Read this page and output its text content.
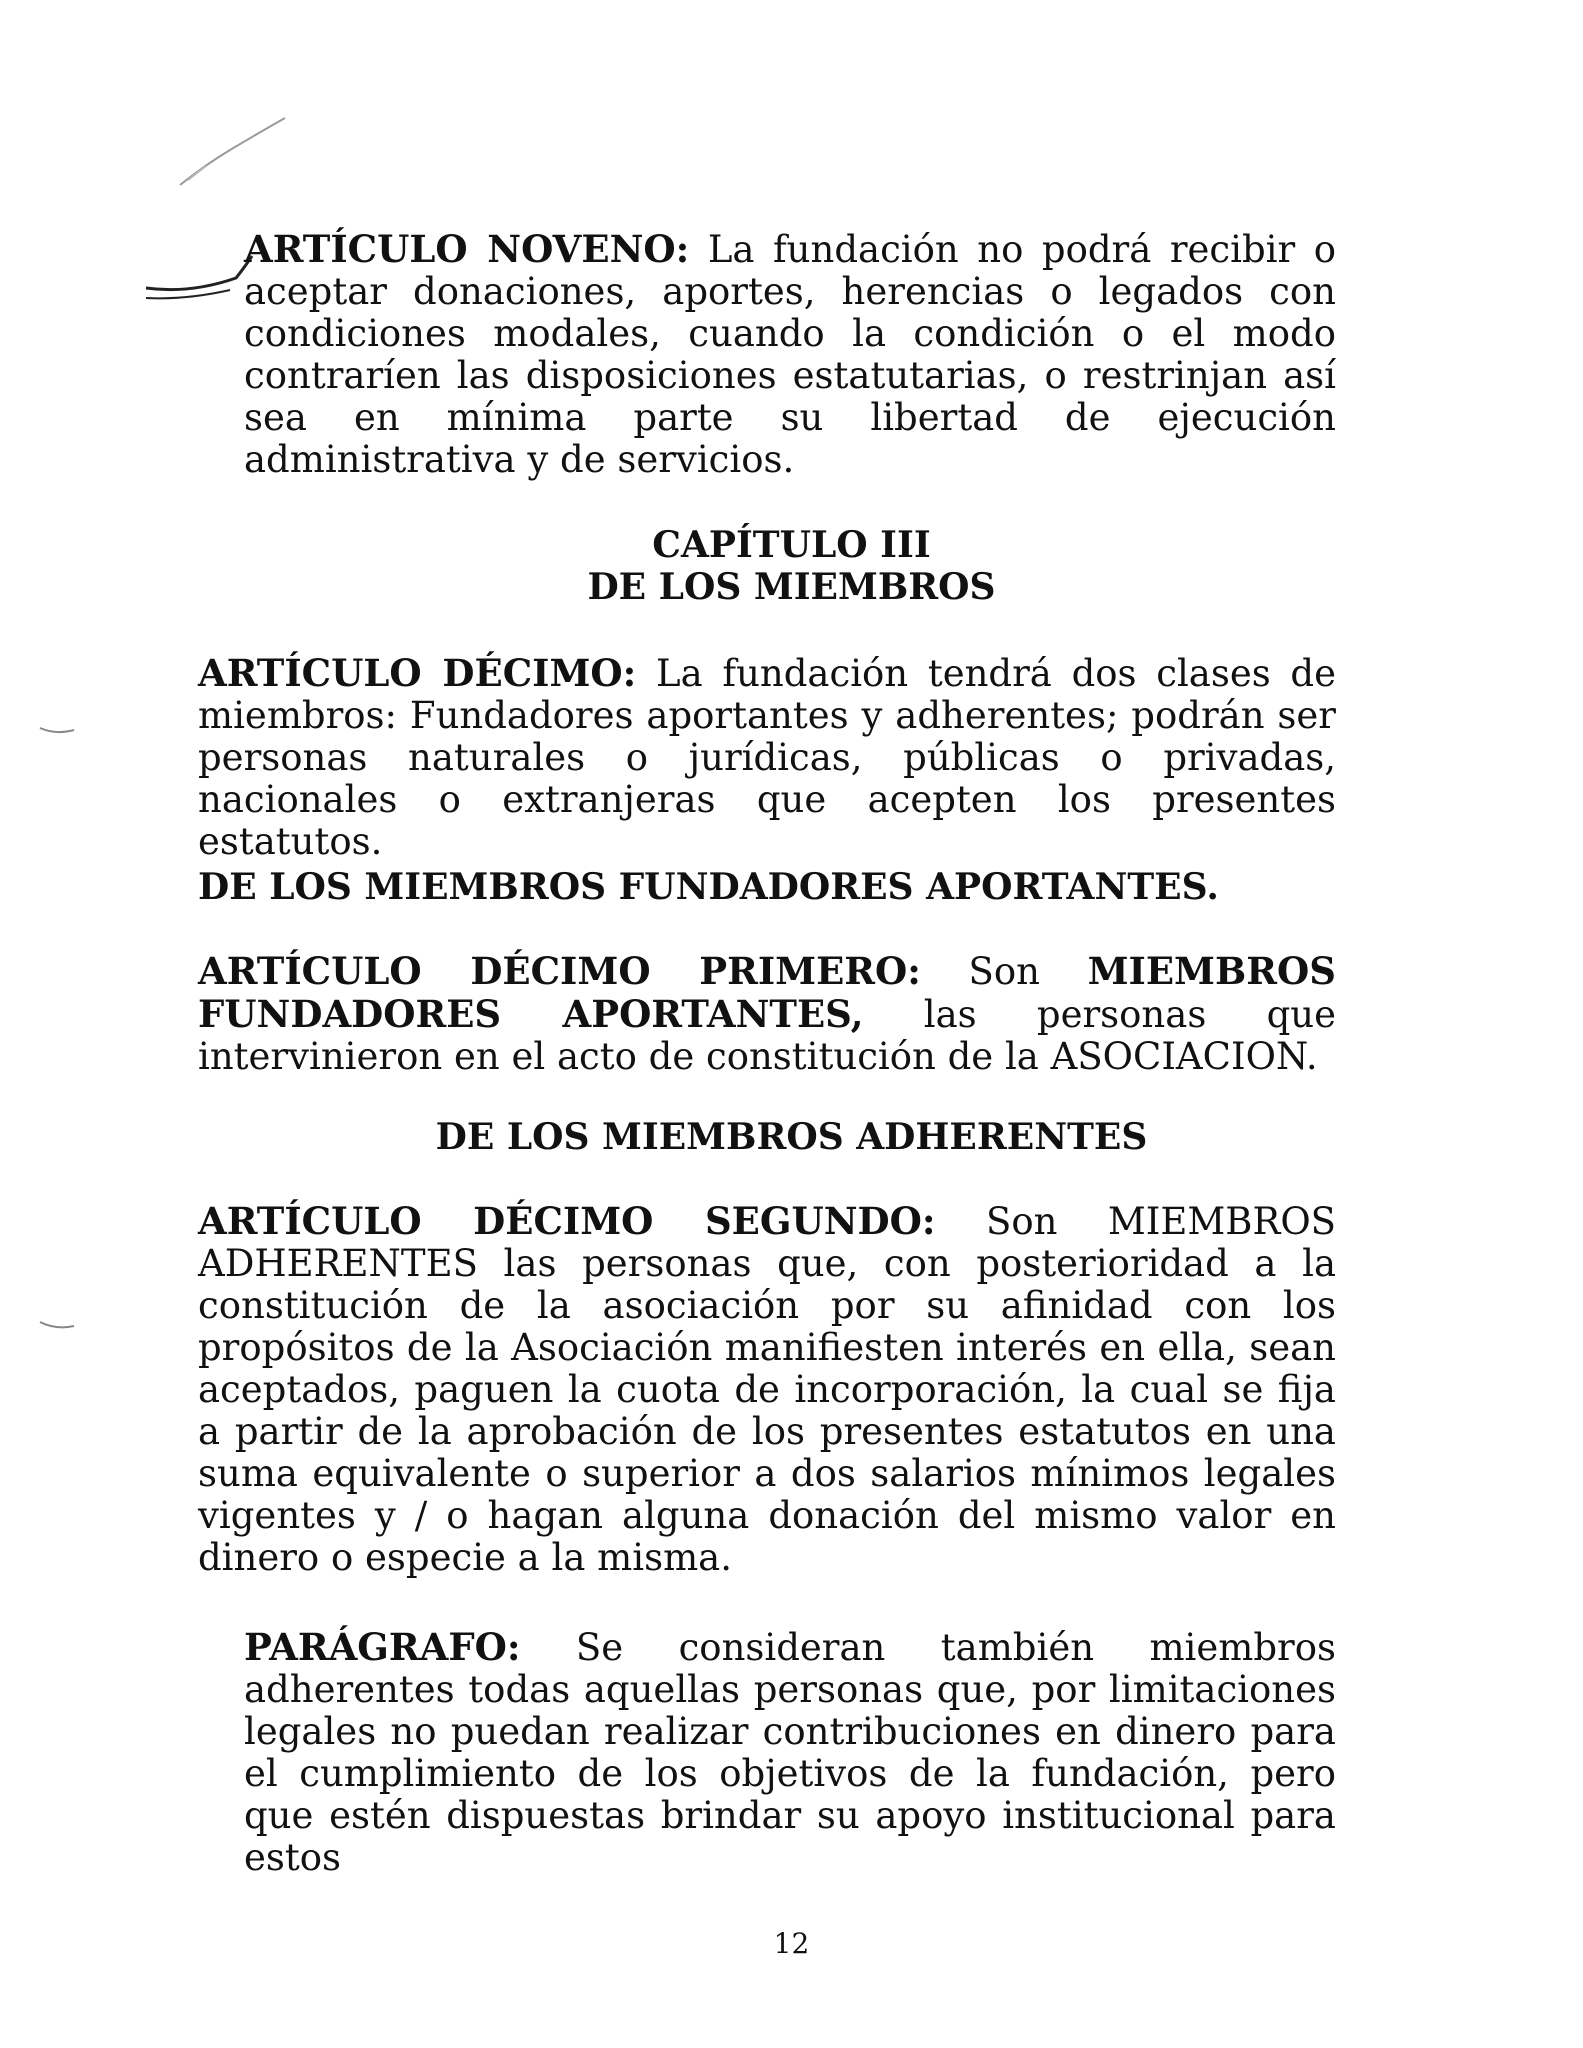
ARTÍCULO NOVENO: La fundación no podrá recibir o aceptar donaciones, aportes, herencias o legados con condiciones modales, cuando la condición o el modo contraríen las disposiciones estatutarias, o restrinjan así sea en mínima parte su libertad de ejecución administrativa y de servicios.

CAPÍTULO III
DE LOS MIEMBROS

ARTÍCULO DÉCIMO: La fundación tendrá dos clases de miembros: Fundadores aportantes y adherentes; podrán ser personas naturales o jurídicas, públicas o privadas, nacionales o extranjeras que acepten los presentes estatutos.

DE LOS MIEMBROS FUNDADORES APORTANTES.

ARTÍCULO DÉCIMO PRIMERO: Son MIEMBROS FUNDADORES APORTANTES, las personas que intervinieron en el acto de constitución de la ASOCIACION.

DE LOS MIEMBROS ADHERENTES

ARTÍCULO DÉCIMO SEGUNDO: Son MIEMBROS ADHERENTES las personas que, con posterioridad a la constitución de la asociación por su afinidad con los propósitos de la Asociación manifiesten interés en ella, sean aceptados, paguen la cuota de incorporación, la cual se fija a partir de la aprobación de los presentes estatutos en una suma equivalente o superior a dos salarios mínimos legales vigentes y / o hagan alguna donación del mismo valor en dinero o especie a la misma.

PARÁGRAFO: Se consideran también miembros adherentes todas aquellas personas que, por limitaciones legales no puedan realizar contribuciones en dinero para el cumplimiento de los objetivos de la fundación, pero que estén dispuestas brindar su apoyo institucional para estos

12
